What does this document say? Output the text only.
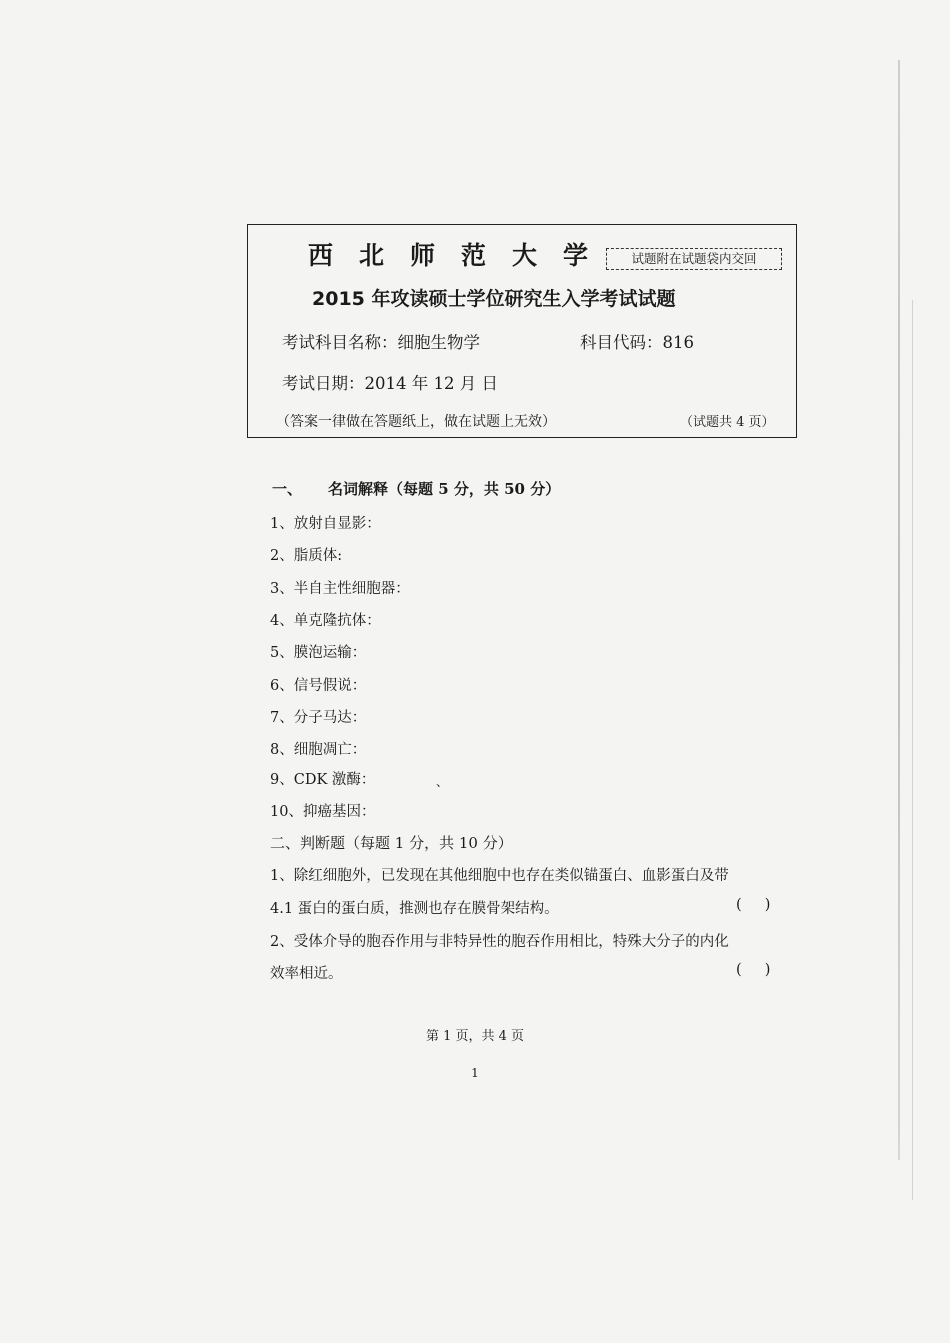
西北师范大学	试题附在试题袋内交回
2015 年攻读硕士学位研究生入学考试试题
考试科目名称：细胞生物学	科目代码：816
考试日期：2014 年 12 月 日
（答案一律做在答题纸上，做在试题上无效）	（试题共 4 页）
一、 名词解释（每题 5 分，共 50 分）
1、放射自显影：
2、脂质体:
3、半自主性细胞器：
4、单克隆抗体：
5、膜泡运输：
6、信号假说：
7、分子马达：
8、细胞凋亡：
9、CDK 激酶：	、
10、抑癌基因：
二、判断题（每题 1 分，共 10 分）
1、除红细胞外，已发现在其他细胞中也存在类似锚蛋白、血影蛋白及带
4.1 蛋白的蛋白质，推测也存在膜骨架结构。	(     )
2、受体介导的胞吞作用与非特异性的胞吞作用相比，特殊大分子的内化
效率相近。	(     )
第 1 页，共 4 页
1
